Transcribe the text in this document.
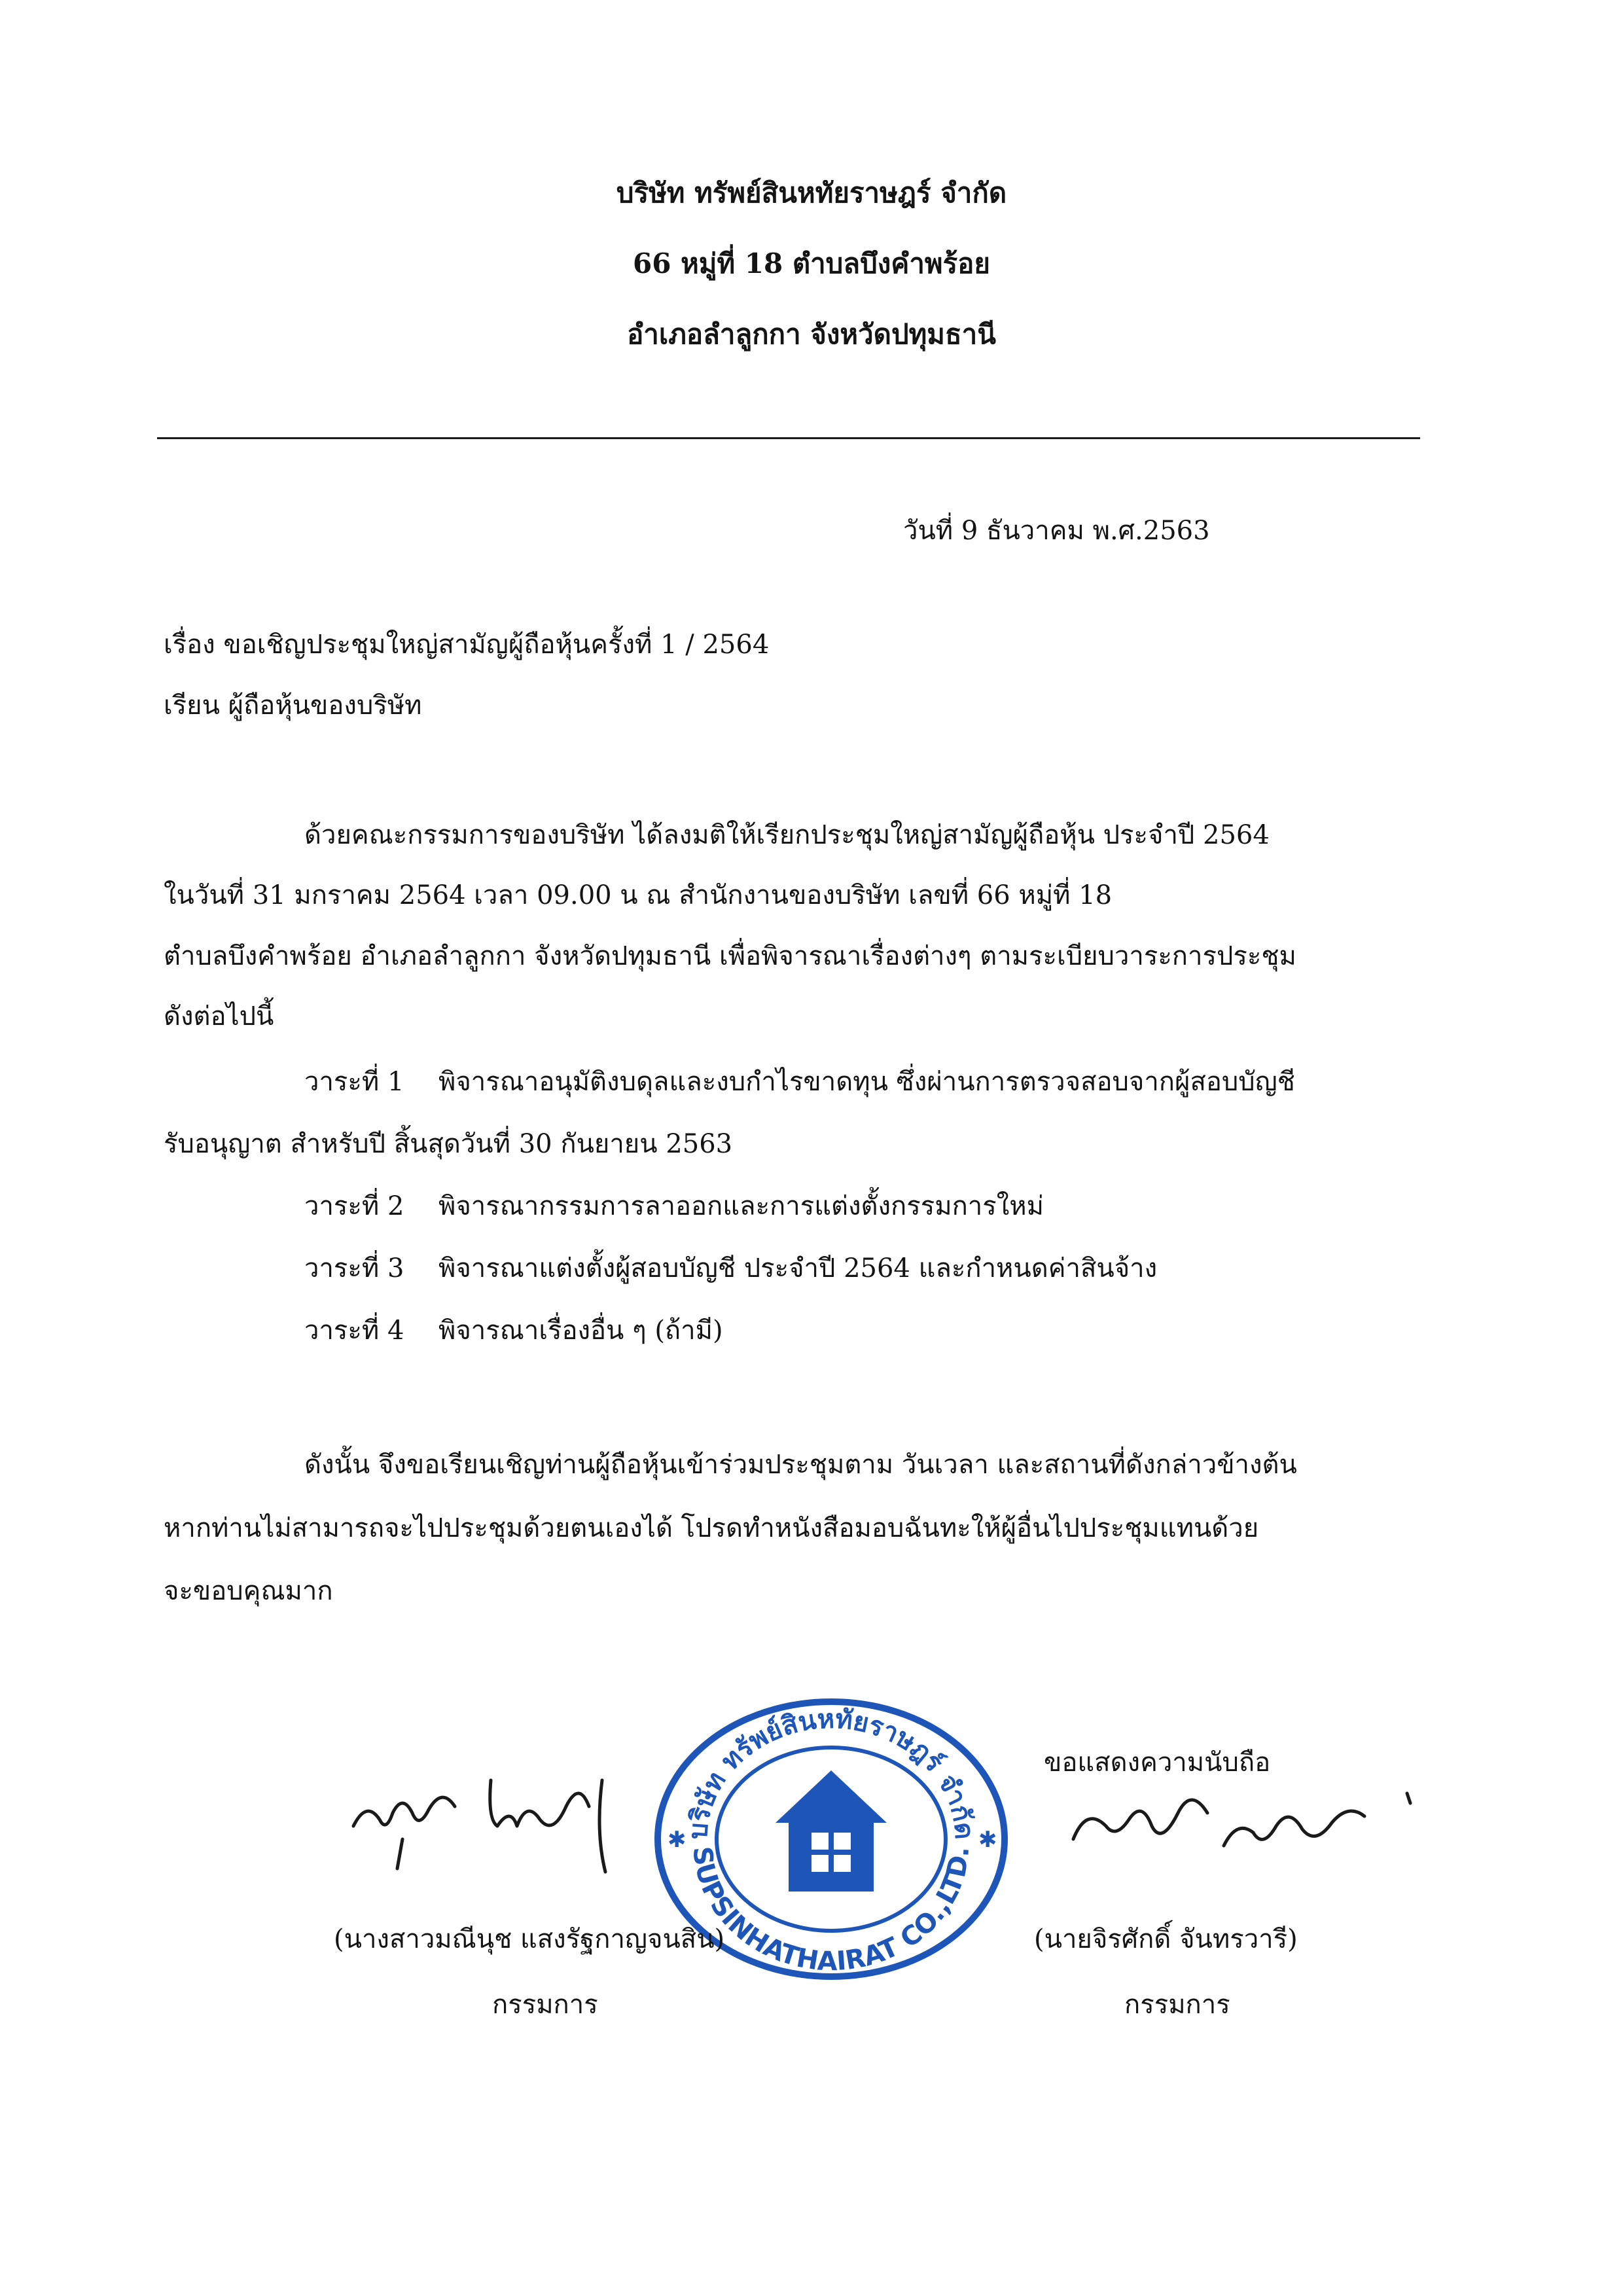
บริษัท ทรัพย์สินหทัยราษฎร์ จำกัด
66 หมู่ที่ 18 ตำบลบึงคำพร้อย
อำเภอลำลูกกา จังหวัดปทุมธานี
วันที่ 9 ธันวาคม พ.ศ.2563
เรื่อง ขอเชิญประชุมใหญ่สามัญผู้ถือหุ้นครั้งที่ 1 / 2564
เรียน ผู้ถือหุ้นของบริษัท
ด้วยคณะกรรมการของบริษัท ได้ลงมติให้เรียกประชุมใหญ่สามัญผู้ถือหุ้น ประจำปี 2564
ในวันที่ 31 มกราคม 2564 เวลา 09.00 น ณ สำนักงานของบริษัท เลขที่ 66 หมู่ที่ 18
ตำบลบึงคำพร้อย อำเภอลำลูกกา จังหวัดปทุมธานี เพื่อพิจารณาเรื่องต่างๆ ตามระเบียบวาระการประชุม
ดังต่อไปนี้
วาระที่ 1 พิจารณาอนุมัติงบดุลและงบกำไรขาดทุน ซึ่งผ่านการตรวจสอบจากผู้สอบบัญชี
รับอนุญาต สำหรับปี สิ้นสุดวันที่ 30 กันยายน 2563
วาระที่ 2 พิจารณากรรมการลาออกและการแต่งตั้งกรรมการใหม่
วาระที่ 3 พิจารณาแต่งตั้งผู้สอบบัญชี ประจำปี 2564 และกำหนดค่าสินจ้าง
วาระที่ 4 พิจารณาเรื่องอื่น ๆ (ถ้ามี)
ดังนั้น จึงขอเรียนเชิญท่านผู้ถือหุ้นเข้าร่วมประชุมตาม วันเวลา และสถานที่ดังกล่าวข้างต้น
หากท่านไม่สามารถจะไปประชุมด้วยตนเองได้ โปรดทำหนังสือมอบฉันทะให้ผู้อื่นไปประชุมแทนด้วย
จะขอบคุณมาก
ขอแสดงความนับถือ
บริษัท ทรัพย์สินหทัยราษฎร์ จำกัด
SUPSINHATHAIRAT CO.,LTD.
✱	✱
(นางสาวมณีนุช แสงรัฐกาญจนสิน)
กรรมการ
(นายจิรศักดิ์ จันทรวารี)
กรรมการ
